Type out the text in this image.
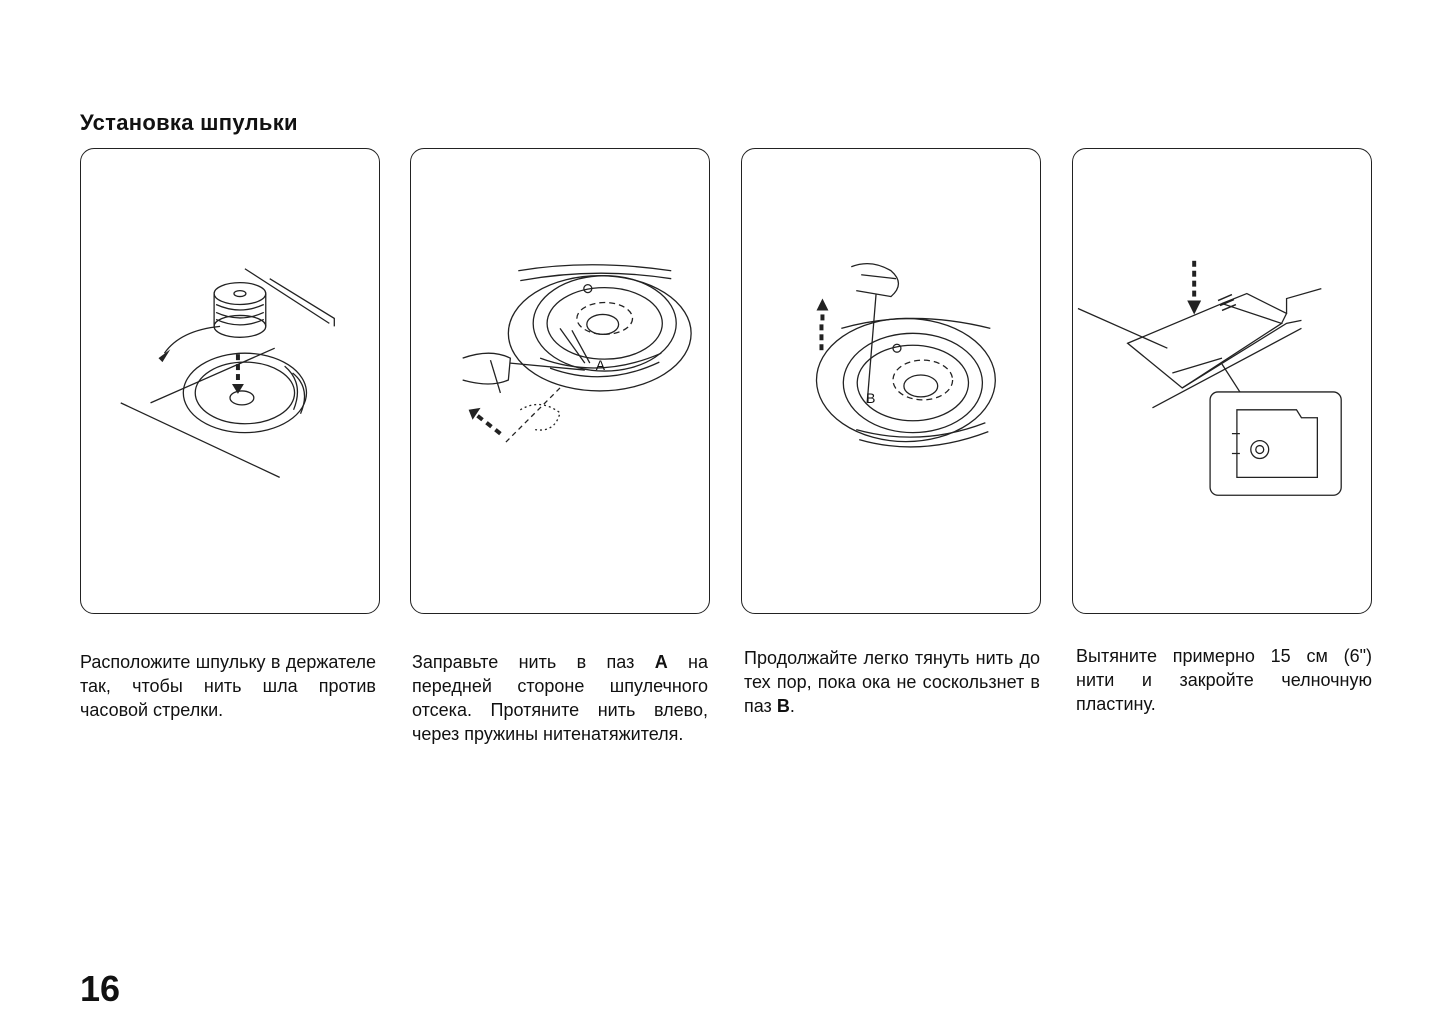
Установка шпульки
A
B

Расположите шпульку в держателе так, чтобы нить шла против часовой стрелки.

Заправьте нить в паз A на передней стороне шпулечного отсека. Протяните нить влево, через пружины нитенатяжителя.

Продолжайте легко тянуть нить до тех пор, пока ока не соскользнет в паз B.

Вытяните примерно 15 см (6") нити и закройте челночную пластину.

16
